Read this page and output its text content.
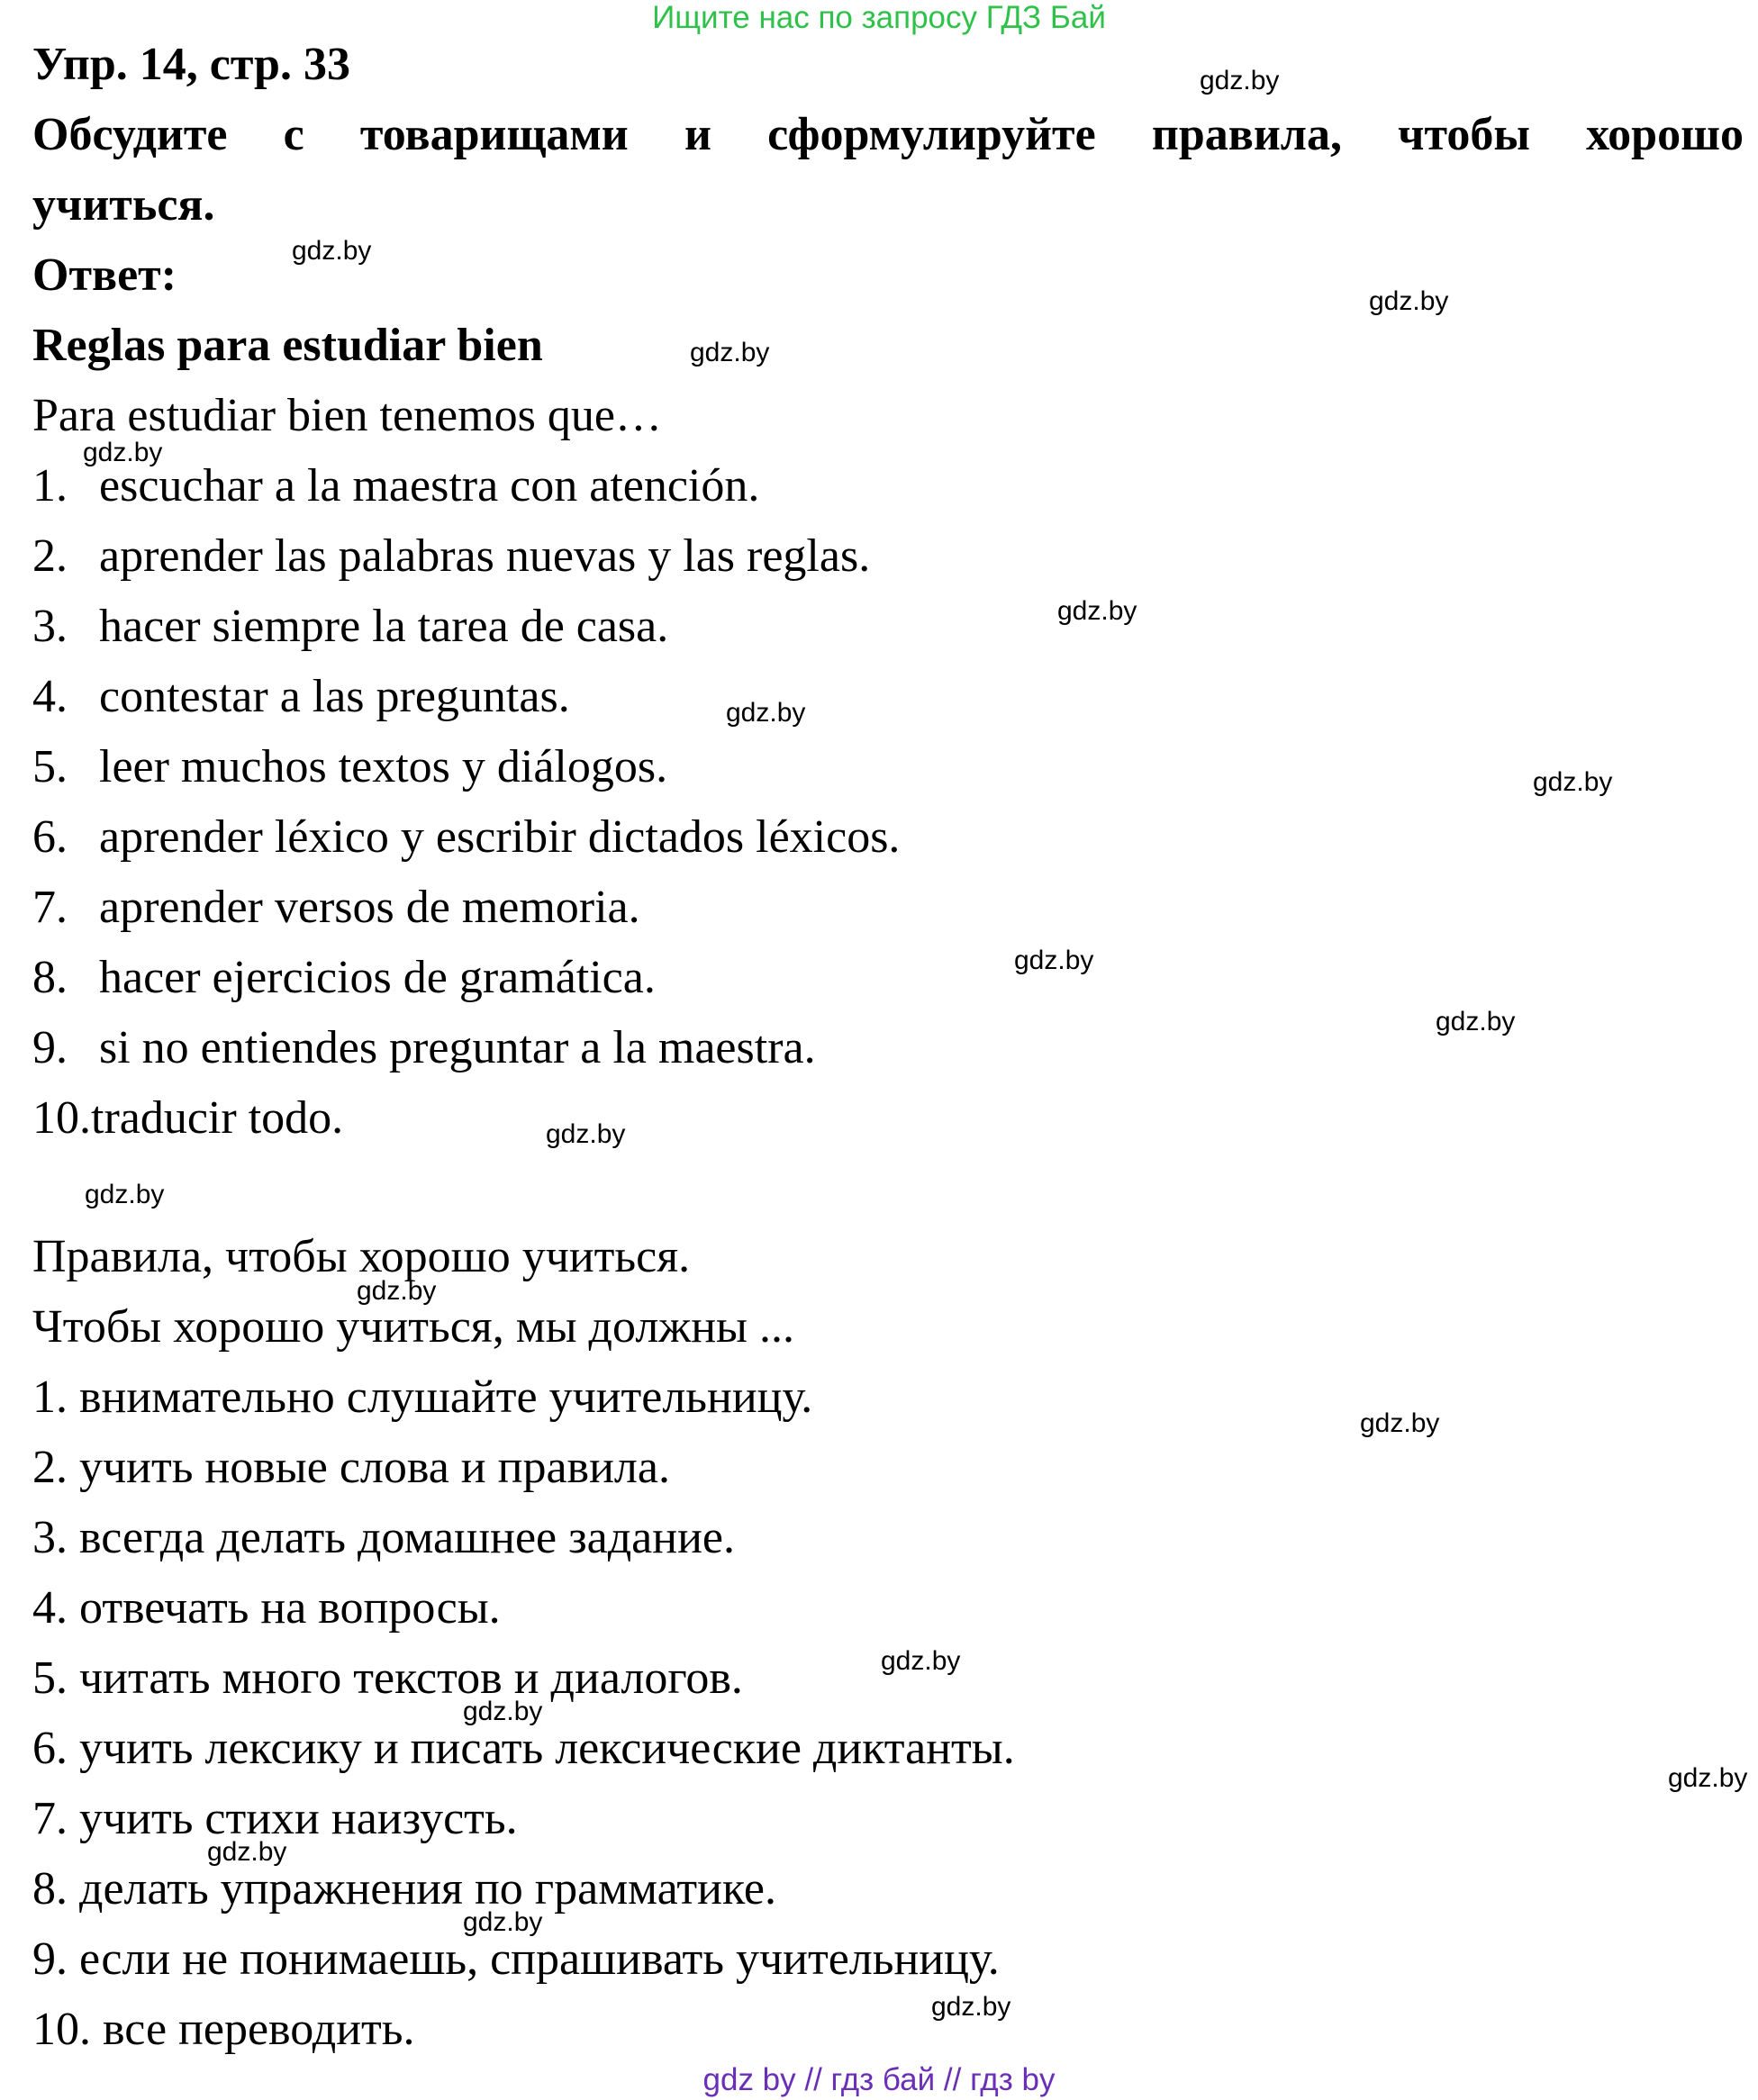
Ищите нас по запросу ГДЗ Бай
Упр. 14, стр. 33
Обсудите с товарищами и сформулируйте правила, чтобы хорошо
учиться.
Ответ:
Reglas para estudiar bien
Para estudiar bien tenemos que…
1. escuchar a la maestra con atención.
2. aprender las palabras nuevas y las reglas.
3. hacer siempre la tarea de casa.
4. contestar a las preguntas.
5. leer muchos textos y diálogos.
6. aprender léxico y escribir dictados léxicos.
7. aprender versos de memoria.
8. hacer ejercicios de gramática.
9. si no entiendes preguntar a la maestra.
10.traducir todo.
Правила, чтобы хорошо учиться.
Чтобы хорошо учиться, мы должны ...
1. внимательно слушайте учительницу.
2. учить новые слова и правила.
3. всегда делать домашнее задание.
4. отвечать на вопросы.
5. читать много текстов и диалогов.
6. учить лексику и писать лексические диктанты.
7. учить стихи наизусть.
8. делать упражнения по грамматике.
9. если не понимаешь, спрашивать учительницу.
10. все переводить.
gdz.by
gdz.by
gdz.by
gdz.by
gdz.by
gdz.by
gdz.by
gdz.by
gdz.by
gdz.by
gdz.by
gdz.by
gdz.by
gdz.by
gdz.by
gdz.by
gdz.by
gdz.by
gdz.by
gdz.by
gdz by // гдз бай // гдз by
